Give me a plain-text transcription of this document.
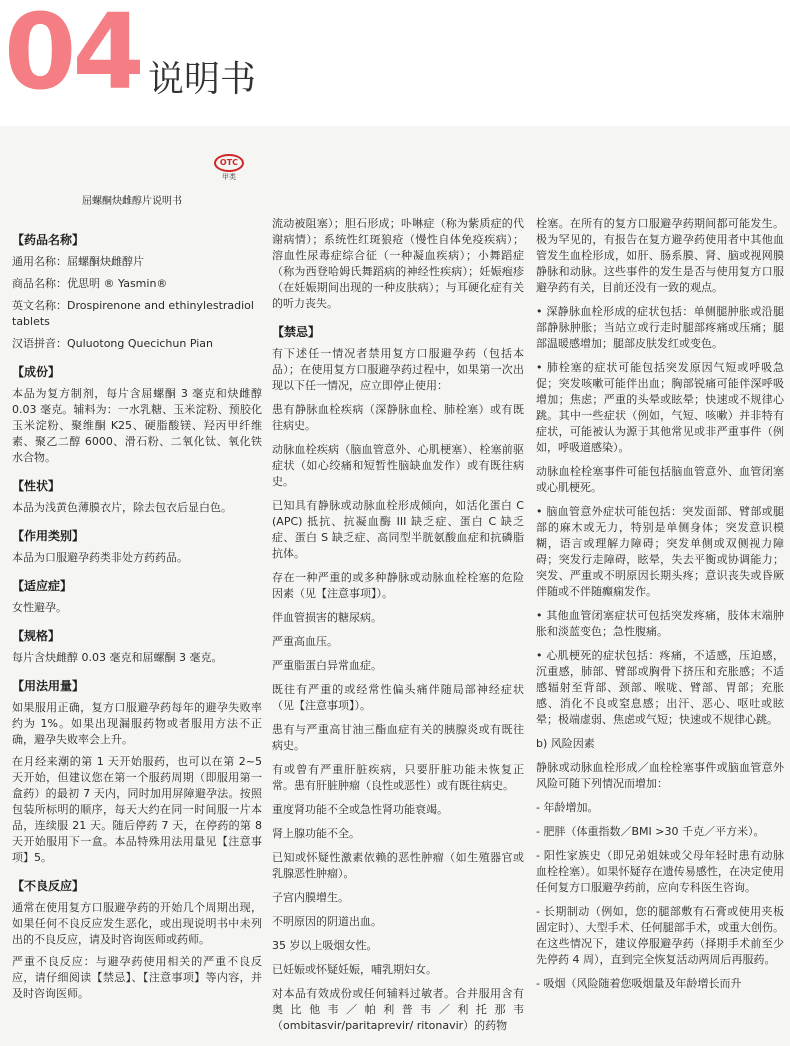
04 说明书
OTC
甲类
屈螺酮炔雌醇片说明书
【药品名称】
通用名称：屈螺酮炔雌醇片
商品名称：优思明 ® Yasmin®
英文名称：Drospirenone and ethinylestradiol tablets
汉语拼音：Quluotong Quecichun Pian
【成份】
本品为复方制剂，每片含屈螺酮 3 毫克和炔雌醇 0.03 毫克。辅料为：一水乳糖、玉米淀粉、预胶化玉米淀粉、聚维酮 K25、硬脂酸镁、羟丙甲纤维素、聚乙二醇 6000、滑石粉、二氧化钛、氧化铁水合物。
【性状】
本品为浅黄色薄膜衣片，除去包衣后显白色。
【作用类别】
本品为口服避孕药类非处方药药品。
【适应症】
女性避孕。
【规格】
每片含炔雌醇 0.03 毫克和屈螺酮 3 毫克。
【用法用量】
如果服用正确，复方口服避孕药每年的避孕失败率约为 1%。如果出现漏服药物或者服用方法不正确，避孕失败率会上升。
在月经来潮的第 1 天开始服药，也可以在第 2~5 天开始，但建议您在第一个服药周期（即服用第一盒药）的最初 7 天内，同时加用屏障避孕法。按照包装所标明的顺序，每天大约在同一时间服一片本品，连续服 21 天。随后停药 7 天，在停药的第 8 天开始服用下一盒。本品特殊用法用量见【注意事项】5。
【不良反应】
通常在使用复方口服避孕药的开始几个周期出现，如果任何不良反应发生恶化，或出现说明书中未列出的不良反应，请及时咨询医师或药师。
严重不良反应：与避孕药使用相关的严重不良反应，请仔细阅读【禁忌】、【注意事项】等内容，并及时咨询医师。
流动被阻塞）；胆石形成；卟啉症（称为紫质症的代谢病情）；系统性红斑狼疮（慢性自体免疫疾病）；溶血性尿毒症综合征（一种凝血疾病）；小舞蹈症（称为西登哈姆氏舞蹈病的神经性疾病）；妊娠疱疹（在妊娠期间出现的一种皮肤病）；与耳硬化症有关的听力丧失。
【禁忌】
有下述任一情况者禁用复方口服避孕药（包括本品）；在使用复方口服避孕药过程中，如果第一次出现以下任一情况，应立即停止使用：
患有静脉血栓疾病（深静脉血栓、肺栓塞）或有既往病史。
动脉血栓疾病（脑血管意外、心肌梗塞）、栓塞前驱症状（如心绞痛和短暂性脑缺血发作）或有既往病史。
已知具有静脉或动脉血栓形成倾向，如活化蛋白 C (APC) 抵抗、抗凝血酶 III 缺乏症、蛋白 C 缺乏症、蛋白 S 缺乏症、高同型半胱氨酸血症和抗磷脂抗体。
存在一种严重的或多种静脉或动脉血栓栓塞的危险因素（见【注意事项】）。
伴血管损害的糖尿病。
严重高血压。
严重脂蛋白异常血症。
既往有严重的或经常性偏头痛伴随局部神经症状（见【注意事项】）。
患有与严重高甘油三酯血症有关的胰腺炎或有既往病史。
有或曾有严重肝脏疾病，只要肝脏功能未恢复正常。患有肝脏肿瘤（良性或恶性）或有既往病史。
重度肾功能不全或急性肾功能衰竭。
肾上腺功能不全。
已知或怀疑性激素依赖的恶性肿瘤（如生殖器官或乳腺恶性肿瘤）。
子宫内膜增生。
不明原因的阴道出血。
35 岁以上吸烟女性。
已妊娠或怀疑妊娠，哺乳期妇女。
对本品有效成份或任何辅料过敏者。合并服用含有奥比他韦／帕利普韦／利托那韦（ombitasvir/paritaprevir/ ritonavir）的药物
栓塞。在所有的复方口服避孕药期间都可能发生。极为罕见的，有报告在复方避孕药使用者中其他血管发生血栓形成，如肝、肠系膜、肾、脑或视网膜静脉和动脉。这些事件的发生是否与使用复方口服避孕药有关，目前还没有一致的观点。
• 深静脉血栓形成的症状包括：单侧腿肿胀或沿腿部静脉肿胀；当站立或行走时腿部疼痛或压痛；腿部温暖感增加；腿部皮肤发红或变色。
• 肺栓塞的症状可能包括突发原因气短或呼吸急促；突发咳嗽可能伴出血；胸部锐痛可能伴深呼吸增加；焦虑；严重的头晕或眩晕；快速或不规律心跳。其中一些症状（例如，气短、咳嗽）并非特有症状，可能被认为源于其他常见或非严重事件（例如，呼吸道感染）。
动脉血栓栓塞事件可能包括脑血管意外、血管闭塞或心肌梗死。
• 脑血管意外症状可能包括：突发面部、臂部或腿部的麻木或无力，特别是单侧身体；突发意识模糊，语言或理解力障碍；突发单侧或双侧视力障碍；突发行走障碍，眩晕，失去平衡或协调能力；突发、严重或不明原因长期头疼；意识丧失或昏厥伴随或不伴随癫痫发作。
• 其他血管闭塞症状可包括突发疼痛，肢体末端肿胀和淡蓝变色；急性腹痛。
• 心肌梗死的症状包括：疼痛，不适感，压迫感，沉重感，肺部、臂部或胸骨下挤压和充胀感；不适感辐射至背部、颈部、喉咙、臂部、胃部；充胀感、消化不良或窒息感；出汗、恶心、呕吐或眩晕；极端虚弱、焦虑或气短；快速或不规律心跳。
b) 风险因素
静脉或动脉血栓形成／血栓栓塞事件或脑血管意外风险可随下列情况而增加：
- 年龄增加。
- 肥胖（体重指数／BMI >30 千克／平方米）。
- 阳性家族史（即兄弟姐妹或父母年轻时患有动脉血栓栓塞）。如果怀疑存在遗传易感性，在决定使用任何复方口服避孕药前，应向专科医生咨询。
- 长期制动（例如，您的腿部敷有石膏或使用夹板固定时）、大型手术、任何腿部手术，或重大创伤。在这些情况下，建议停服避孕药（择期手术前至少先停药 4 周），直到完全恢复活动两周后再服药。
- 吸烟（风险随着您吸烟量及年龄增长而升
